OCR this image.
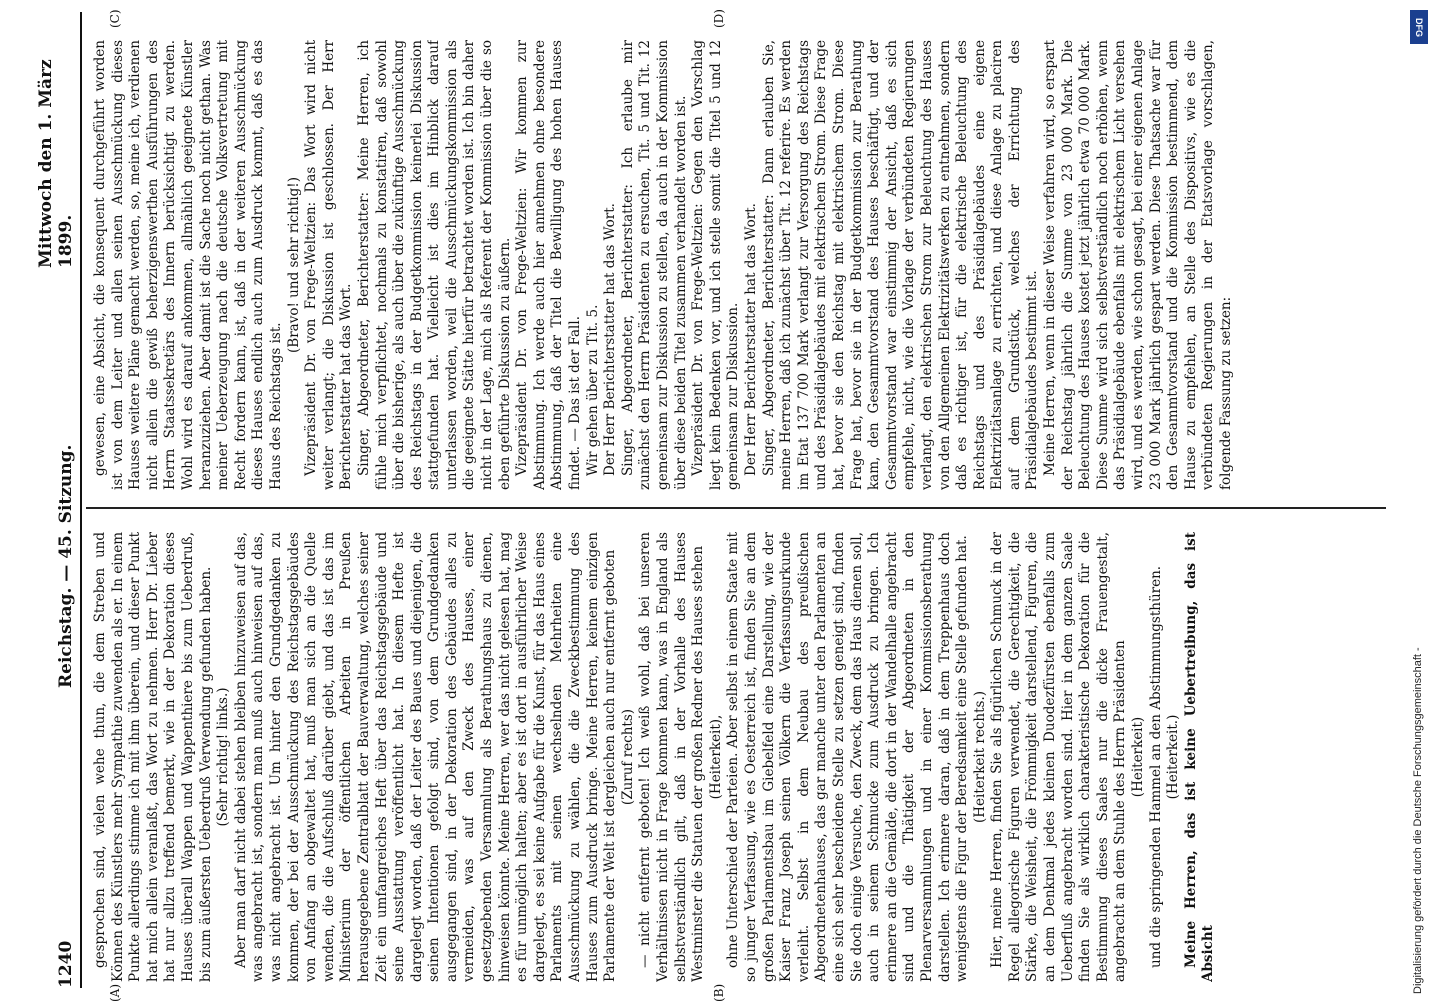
1240
Reichstag. — 45. Sitzung.
Mittwoch den 1. März 1899.
(A)	(B)
(C)	(D)

gesprochen sind, vielen wehe thun, die dem Streben und Können des Künstlers mehr Sympathie zuwenden als er. In einem Punkte allerdings stimme ich mit ihm überein, und dieser Punkt hat mich allein veranlaßt, das Wort zu nehmen. Herr Dr. Lieber hat nur allzu treffend bemerkt, wie in der Dekoration dieses Hauses überall Wappen und Wappenthiere bis zum Ueberdruß, bis zum äußersten Ueberdruß Verwendung gefunden haben. (Sehr richtig! links.) Aber man darf nicht dabei stehen bleiben hinzuweisen auf das, was angebracht ist, sondern man muß auch hinweisen auf das, was nicht angebracht ist. Um hinter den Grundgedanken zu kommen, der bei der Ausschmückung des Reichstagsgebäudes von Anfang an obgewaltet hat, muß man sich an die Quelle wenden, die die Aufschluß darüber giebt, und das ist das im Ministerium der öffentlichen Arbeiten in Preußen herausgegebene Zentralblatt der Bauverwaltung, welches seiner Zeit ein umfangreiches Heft über das Reichstagsgebäude und seine Ausstattung veröffentlicht hat. In diesem Hefte ist dargelegt worden, daß der Leiter des Baues und diejenigen, die seinen Intentionen gefolgt sind, von dem Grundgedanken ausgegangen sind, in der Dekoration des Gebäudes alles zu vermeiden, was auf den Zweck des Hauses, einer gesetzgebenden Versammlung als Berathungshaus zu dienen, hinweisen könnte. Meine Herren, wer das nicht gelesen hat, mag es für unmöglich halten; aber es ist dort in ausführlicher Weise dargelegt, es sei keine Aufgabe für die Kunst, für das Haus eines Parlaments mit seinen wechselnden Mehrheiten eine Ausschmückung zu wählen, die die Zweckbestimmung des Hauses zum Ausdruck bringe. Meine Herren, keinem einzigen Parlamente der Welt ist dergleichen auch nur entfernt geboten (Zuruf rechts) — nicht entfernt geboten! Ich weiß wohl, daß bei unseren Verhältnissen nicht in Frage kommen kann, was in England als selbstverständlich gilt, daß in der Vorhalle des Hauses Westminster die Statuen der großen Redner des Hauses stehen (Heiterkeit), ohne Unterschied der Parteien. Aber selbst in einem Staate mit so junger Verfassung, wie es Oesterreich ist, finden Sie an dem großen Parlamentsbau im Giebelfeld eine Darstellung, wie der Kaiser Franz Joseph seinen Völkern die Verfassungsurkunde verleiht. Selbst in dem Neubau des preußischen Abgeordnetenhauses, das gar manche unter den Parlamenten an eine sich sehr bescheidene Stelle zu setzen geneigt sind, finden Sie doch einige Versuche, den Zweck, dem das Haus dienen soll, auch in seinem Schmucke zum Ausdruck zu bringen. Ich erinnere an die Gemälde, die dort in der Wandelhalle angebracht sind und die Thätigkeit der Abgeordneten in den Plenarversammlungen und in einer Kommissionsberathung darstellen. Ich erinnere daran, daß in dem Treppenhaus doch wenigstens die Figur der Beredsamkeit eine Stelle gefunden hat. (Heiterkeit rechts.) Hier, meine Herren, finden Sie als figürlichen Schmuck in der Regel allegorische Figuren verwendet, die Gerechtigkeit, die Stärke, die Weisheit, die Frömmigkeit darstellend, Figuren, die an dem Denkmal jedes kleinen Duodezfürsten ebenfalls zum Ueberfluß angebracht worden sind. Hier in dem ganzen Saale finden Sie als wirklich charakteristische Dekoration für die Bestimmung dieses Saales nur die dicke Frauengestalt, angebracht an dem Stuhle des Herrn Präsidenten (Heiterkeit) und die springenden Hammel an den Abstimmungsthüren. (Heiterkeit.) Meine Herren, das ist keine Uebertreibung, das ist Absicht

gewesen, eine Absicht, die konsequent durchgeführt worden ist von dem Leiter und allen seinen Ausschmückung dieses Hauses weitere Pläne gemacht werden, so, meine ich, verdienen nicht allein die gewiß beherzigenswerthen Ausführungen des Herrn Staatssekretärs des Innern berücksichtigt zu werden. Wohl wird es darauf ankommen, allmählich geeignete Künstler heranzuziehen. Aber damit ist die Sache noch nicht gethan. Was meiner Ueberzeugung nach die deutsche Volksvertretung mit Recht fordern kann, ist, daß in der weiteren Ausschmückung dieses Hauses endlich auch zum Ausdruck kommt, daß es das Haus des Reichstags ist.

(Bravo! und sehr richtig!) Vizepräsident Dr. von Frege-Weltzien: Das Wort wird nicht weiter verlangt; die Diskussion ist geschlossen. Der Herr Berichterstatter hat das Wort. Singer, Abgeordneter, Berichterstatter: Meine Herren, ich fühle mich verpflichtet, nochmals zu konstatiren, daß sowohl über die bisherige, als auch über die zukünftige Ausschmückung des Reichstags in der Budgetkommission keinerlei Diskussion stattgefunden hat. Vielleicht ist dies im Hinblick darauf unterlassen worden, weil die Ausschmückungskommission als die geeignete Stätte hierfür betrachtet worden ist. Ich bin daher nicht in der Lage, mich als Referent der Kommission über die so eben geführte Diskussion zu äußern. Vizepräsident Dr. von Frege-Weltzien: Wir kommen zur Abstimmung. Ich werde auch hier annehmen ohne besondere Abstimmung, daß der Titel die Bewilligung des hohen Hauses findet. — Das ist der Fall. Wir gehen über zu Tit. 5. Der Herr Berichterstatter hat das Wort. Singer, Abgeordneter, Berichterstatter: Ich erlaube mir zunächst den Herrn Präsidenten zu ersuchen, Tit. 5 und Tit. 12 gemeinsam zur Diskussion zu stellen, da auch in der Kommission über diese beiden Titel zusammen verhandelt worden ist. Vizepräsident Dr. von Frege-Weltzien: Gegen den Vorschlag liegt kein Bedenken vor, und ich stelle somit die Titel 5 und 12 gemeinsam zur Diskussion. Der Herr Berichterstatter hat das Wort. Singer, Abgeordneter, Berichterstatter: Dann erlauben Sie, meine Herren, daß ich zunächst über Tit. 12 referire. Es werden im Etat 137 700 Mark verlangt zur Versorgung des Reichstags und des Präsidialgebäudes mit elektrischem Strom. Diese Frage hat, bevor sie den Reichstag mit elektrischem Strom. Diese Frage hat, bevor sie in der Budgetkommission zur Berathung kam, den Gesammtvorstand des Hauses beschäftigt, und der Gesammtvorstand war einstimmig der Ansicht, daß es sich empfehle, nicht, wie die Vorlage der verbündeten Regierungen verlangt, den elektrischen Strom zur Beleuchtung des Hauses von den Allgemeinen Elektrizitätswerken zu entnehmen, sondern daß es richtiger ist, für die elektrische Beleuchtung des Reichstags und des Präsidialgebäudes eine eigene Elektrizitätsanlage zu errichten, und diese Anlage zu placiren auf dem Grundstück, welches der Errichtung des Präsidialgebäudes bestimmt ist. Meine Herren, wenn in dieser Weise verfahren wird, so erspart der Reichstag jährlich die Summe von 23 000 Mark. Die Beleuchtung des Hauses kostet jetzt jährlich etwa 70 000 Mark. Diese Summe wird sich selbstverständlich noch erhöhen, wenn das Präsidialgebäude ebenfalls mit elektrischem Licht versehen wird, und es werden, wie schon gesagt, bei einer eigenen Anlage 23 000 Mark jährlich gespart werden. Diese Thatsache war für den Gesammtvorstand und die Kommission bestimmend, dem Hause zu empfehlen, an Stelle des Dispositivs, wie es die verbündeten Regierungen in der Etatsvorlage vorschlagen, folgende Fassung zu setzen:

DFG
Digitalisierung gefördert durch die Deutsche Forschungsgemeinschaft -
